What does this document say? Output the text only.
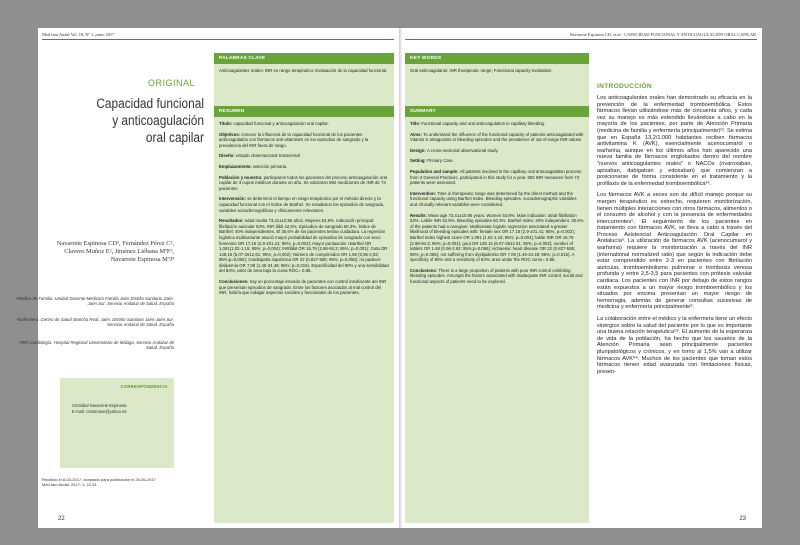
Med fam Andal Vol. 18, Nº 1, junio 2017
ORIGINAL
Capacidad funcional y anticoagulación oral capilar
Navarrete Espinosa CD¹, Fernández Pérez C², Clavero Muñoz E², Jiménez Liébana MªF², Navarrete Espinosa MªJ³
¹Médico de Familia. Unidad Docente Medicina Familia Jaén Distrito Sanitario Jaén-Jaén Sur. Servicio Andaluz de Salud. España
²Enfermera. Centro de Salud Mancha Real, Jaén. Distrito Sanitario Jaén-Jaén Sur. Servicio Andaluz de Salud. España
³MIR Cardiología. Hospital Regional Universitario de Málaga. Servicio Andaluz de Salud. España
CORRESPONDENCIA
Cristóbal Navarrete Espinosa
E-mail: cristonave@yahoo.es
Recibido el 8-03-2017; aceptado para publicación el 26-06-2017
Med fam Andal. 2017; 1: 22-31
PALABRAS CLAVE
Anticoagulantes orales; INR en rango terapéutico; Evaluación de la capacidad funcional.
RESUMEN

Título: capacidad funcional y anticoagulación oral capilar.

Objetivos: conocer la influencia de la capacidad funcional de los pacientes anticoagulados con fármacos anti-vitaminaK en los episodios de sangrado y la prevalencia del INR fuera de rango.

Diseño: estudio observacional transversal

Emplazamiento: atención primaria.

Población y muestra: participaron todos los pacientes del proceso anticoagulación oral capilar de 3 cupos médicos durante un año. Se valoraron 892 mediciones de INR de 73 pacientes.

Intervención: se determinó el tiempo en rango terapéutico por el método directo y la capacidad funcional con el índice de Barthel. Se estudiaron los episodios de sangrado, variables sociodemográficas y clínicamente relevantes.

Resultados: edad media 73,41±10,95 años. Mujeres 54,8%. Indicación principal: fibrilación auricular 63%. INR lábil 42,5%. Episodios de sangrado 60,3%. Índice de Barthel: 40% independientes. El 35,6% de los pacientes tenían cuidadora. La regresión logística multivariante asoció mayor probabilidad de episodios de sangrado con sexo femenino OR 17,18 (2,9-101,41; 95%; p=0,002); mayor puntuación I.Barthel OR 1,091(1,02-1,15; 95%; p=0,004); INRlábil OR 16,78 (2,98-94,3; 95%; p=0,001); Gota OR 148,15 (6,07-3612,61; 95%; p=0,002); Número de comprimidos OR 1,68 (0,96-2,92; 95%;p=0,066); Cardiopatía isquémica OR 22 (0,827-585; 95%; p=0,065); no padecer dislipemia OR 7,09 (1,45-34,48; 95%; p=0,015). Especificidad del 80% y una sensibilidad del 84%; valor de área bajo la curva ROC= 0,88.

Conclusiones: hay un porcentaje elevado de pacientes con control insuficiente del INR que presentan episodios de sangrado. Entre los factores asociados al mal control del INR, habría que indagar aspectos sociales y funcionales de los pacientes.

22
Navarrete Espinosa CD, et al - CAPACIDAD FUNCIONAL Y ANTICOAGULACIÓN ORAL CAPILAR
KEY WORDS
Oral anticoagulants; INR therapeutic range; Functional capacity evaluation.
SUMMARY

Title: Functional capacity and oral anticoagulation in capillary bleeding.

Aims: To understand the influence of the functional capacity of patients anticoagulated with Vitamin K antagonists in bleeding episodes and the prevalence of out-of-range INR values.

Design: A cross-sectional observational study.

Setting: Primary Care.

Population and sample: All patients involved in the capillary oral anticoagulation process from 3 General Practices, participated in this study for a year. 892 INR measures from 73 patients were assessed.

Intervention: Time in therapeutic range was determined by the direct method and the functional capacity using Barthel Index. Bleeding episodes, sociodemographic variables and clinically relevant variables were considered.

Results: Mean age 73.41±10.95 years. Women 54.8%. Main indication: atrial fibrillation 63%. Labile INR 42.5%. Bleeding episodes 60.3%. Barthel Index: 40% independent. 35.6% of the patients had a caregiver. Multivariate logistic regression associated a greater likelihood of bleeding episodes with: female sex OR 17.18 (2.9-101.41; 95%; p=0.002); Barthel Index highest score OR 1.091 (1.02-1.15; 95%; p=0.004); labile INR OR 16.78 (2.98-94.3; 95%; p=0.001); gout OR 148.15 (6.07-3612.61; 95%; p=0.002); number of tablets OR 1.68 (0.96-2.92; 95%;p=0.066); ischaemic heart disease OR 22 (0.827-585; 95%; p=0.065); not suffering from dyslipidemia OR 7.09 (1.45-34.48; 95%; p=0.015). A specificity of 80% and a sensitivity of 84%; area under the ROC curve= 0.88.

Conclusions: There is a large proportion of patients with poor INR control exhibiting bleeding episodes. Amongst the factors associated with inadequate INR control, social and functional aspects of patients need to be explored.

INTRODUCCIÓN

Los anticoagulantes orales han demostrado su eficacia en la prevención de la enfermedad tromboembólica. Estos fármacos llevan utilizándose más de cincuenta años, y cada vez su manejo es más extendido llevándose a cabo en la mayoría de los pacientes, por parte de Atención Primaria (medicina de familia y enfermería principalmente)¹². Se estima que en España 13,2/1.000 habitantes reciben fármacos antivitamina K (AVK), esencialmente acenocumarol o warfarina, aunque en los últimos años han aparecido una nueva familia de fármacos englobados dentro del nombre "nuevos anticoagulantes orales" o NACOs (rivaroxaban, apixaban, dabigatran y edoxaban) que comienzan a posicionarse de forma consistente en el tratamiento y la profilaxis de la enfermedad tromboembólica³⁴.

Los fármacos AVK a veces son de difícil manejo porque su margen terapéutico es estrecho, requieren monitorización, tienen múltiples interacciones con otros fármacos, alimentos o el consumo de alcohol y con la presencia de enfermedades intercurrentes⁵. El seguimiento de los pacientes en tratamiento con fármacos AVK, se lleva a cabo a través del Proceso Asistencial Anticoagulación Oral Capilar en Andalucía⁶. La utilización de fármacos AVK (acenocumarol y warfarina) requiere la monitorización a través del INR (international normalized ratio) que según la indicación debe estar comprendido entre 2-3 en pacientes con fibrilación auricular, tromboembolismo pulmonar o trombosis venosa profunda y entre 2,5-3,5 para pacientes con prótesis valvular cardiaca. Los pacientes con INR por debajo de estos rangos están expuestos a un mayor riesgo tromboembólico y los situados por encima presentan un mayor riesgo de hemorragia, además de generar consultas sucesivas de medicina y enfermería principalmente⁸.

La colaboración entre el médico y la enfermera tiene un efecto sinérgico sobre la salud del paciente por lo que es importante una buena relación terapéutica⁵⁸. El aumento de la esperanza de vida de la población, ha hecho que los usuarios de la Atención Primaria sean principalmente pacientes pluripatológicos y crónicos, y en torno al 1,5% van a utilizar fármacos AVK⁸⁹. Muchos de los pacientes que toman estos fármacos tienen edad avanzada con limitaciones físicas, presen-

23
